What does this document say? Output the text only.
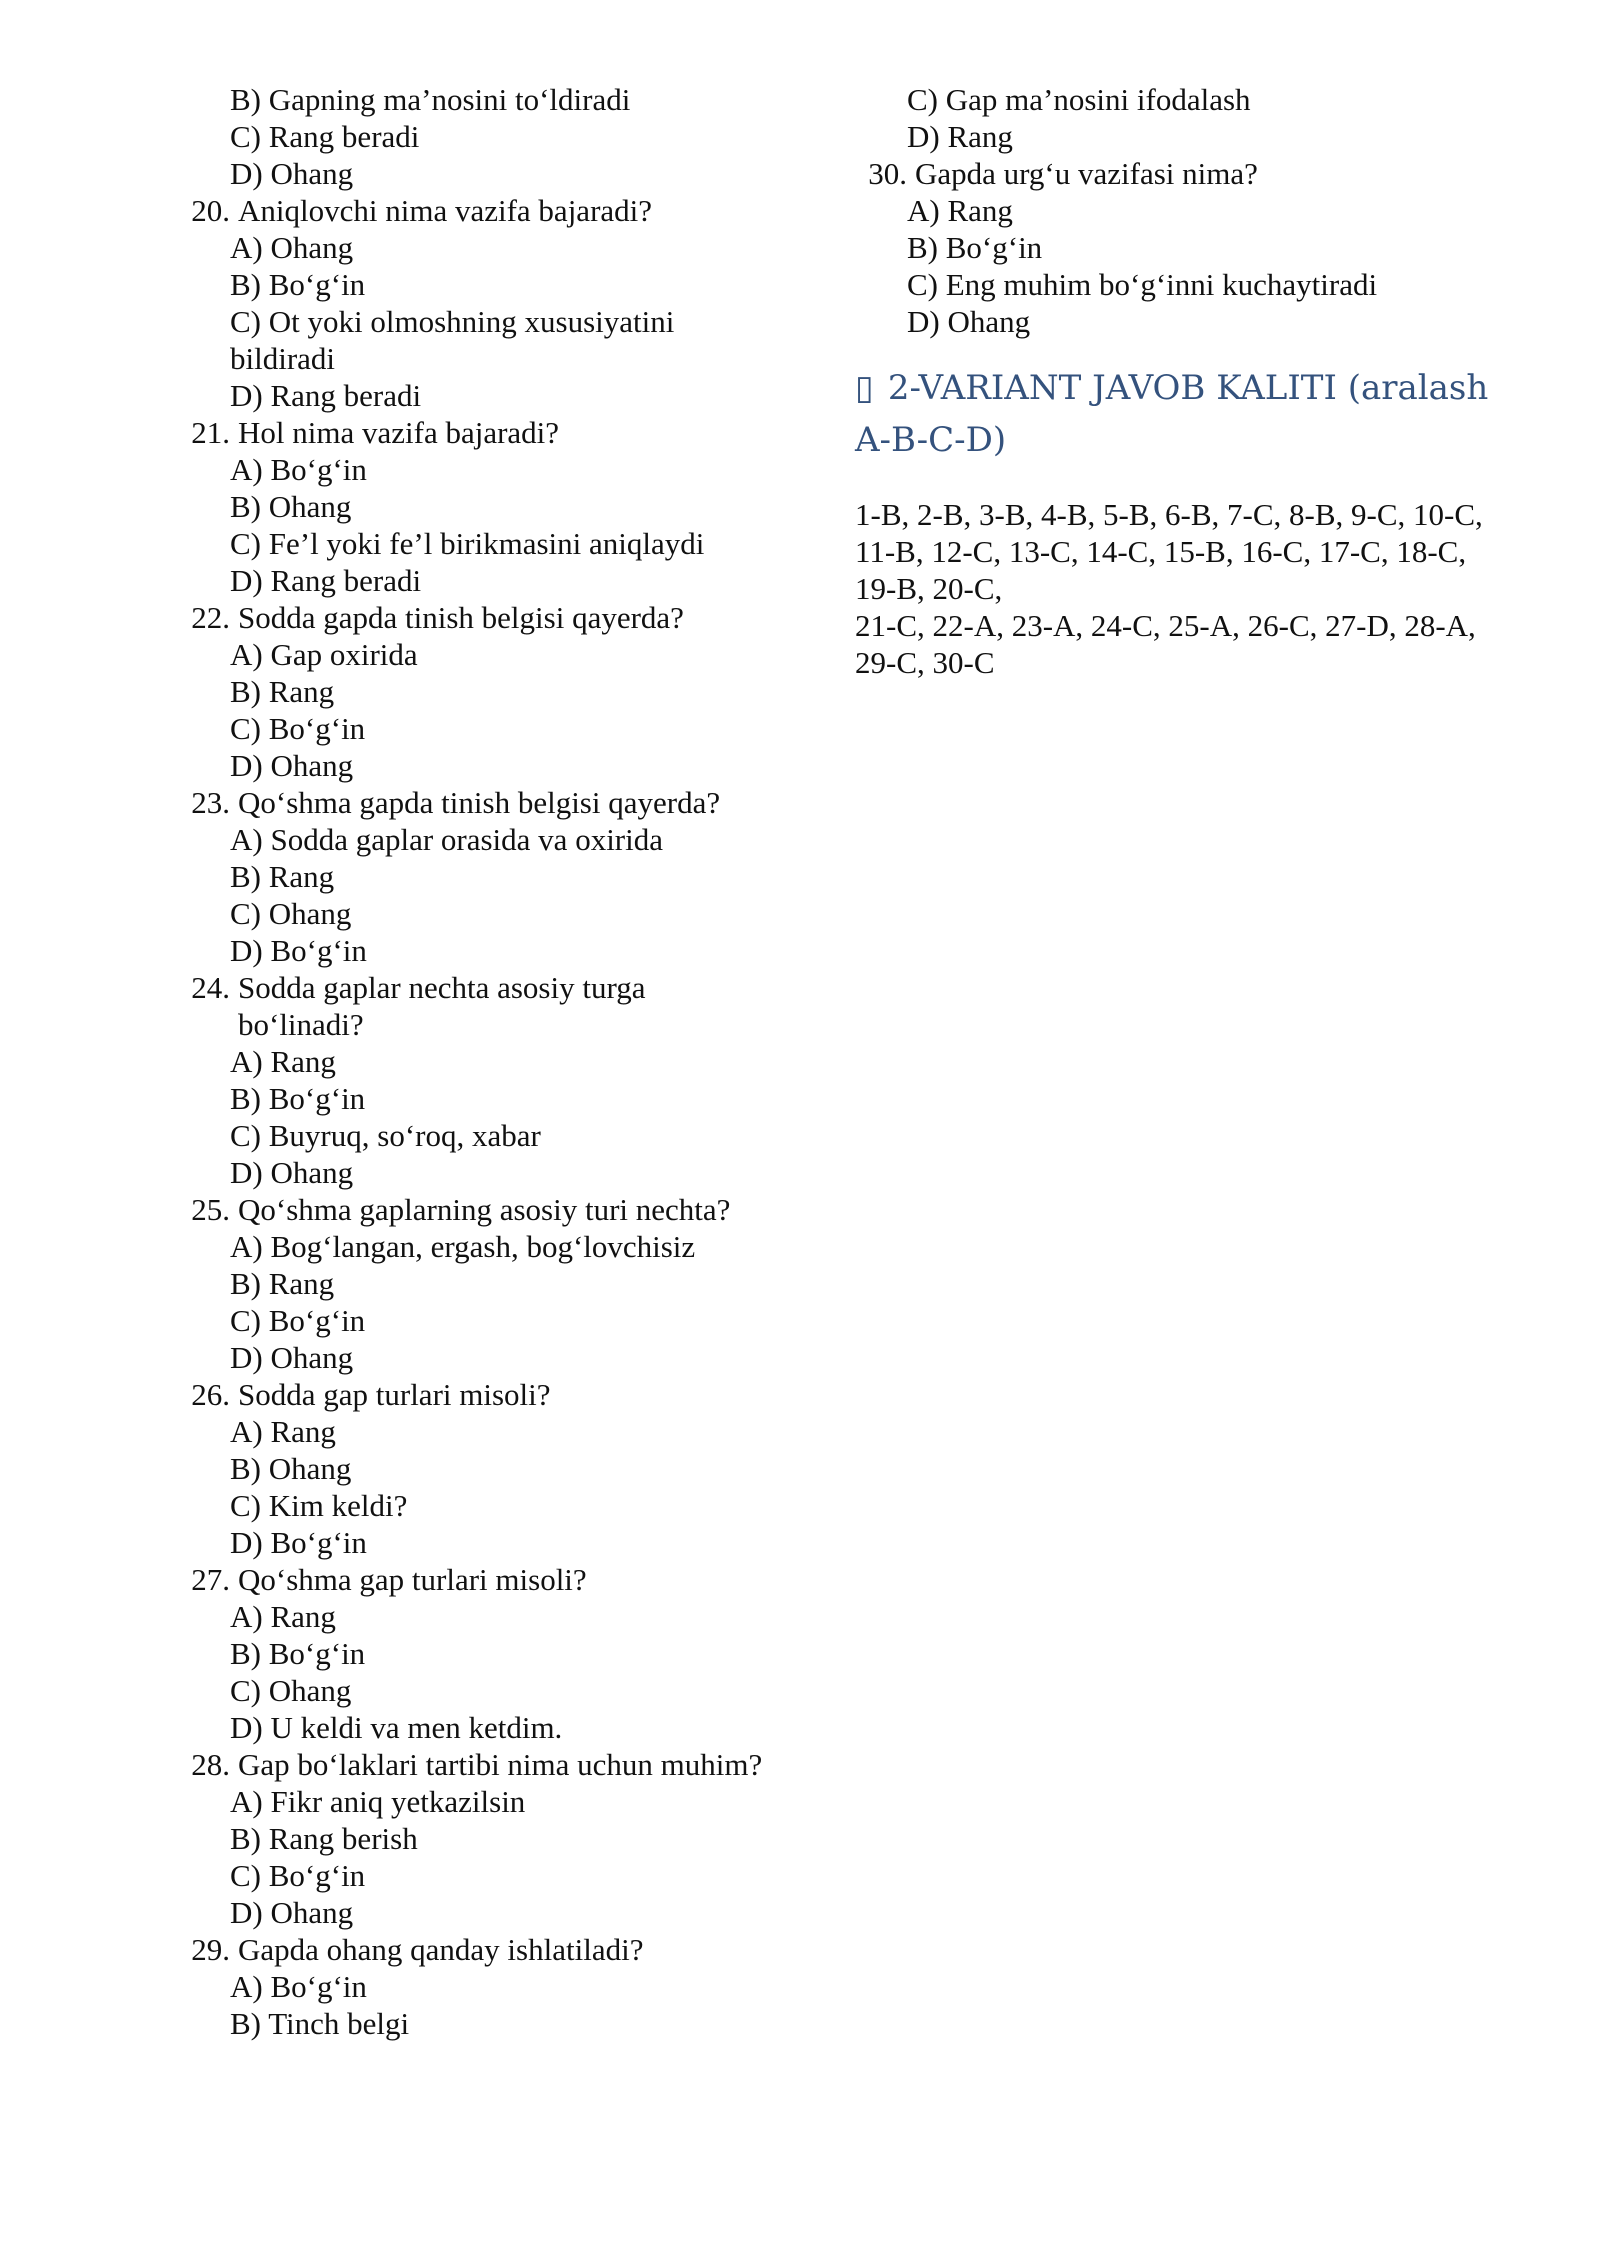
B) Gapning ma’nosini to‘ldiradi
C) Rang beradi
D) Ohang
20. Aniqlovchi nima vazifa bajaradi?
A) Ohang
B) Bo‘g‘in
C) Ot yoki olmoshning xususiyatini bildiradi
D) Rang beradi
21. Hol nima vazifa bajaradi?
A) Bo‘g‘in
B) Ohang
C) Fe’l yoki fe’l birikmasini aniqlaydi
D) Rang beradi
22. Sodda gapda tinish belgisi qayerda?
A) Gap oxirida
B) Rang
C) Bo‘g‘in
D) Ohang
23. Qo‘shma gapda tinish belgisi qayerda?
A) Sodda gaplar orasida va oxirida
B) Rang
C) Ohang
D) Bo‘g‘in
24. Sodda gaplar nechta asosiy turga bo‘linadi?
A) Rang
B) Bo‘g‘in
C) Buyruq, so‘roq, xabar
D) Ohang
25. Qo‘shma gaplarning asosiy turi nechta?
A) Bog‘langan, ergash, bog‘lovchisiz
B) Rang
C) Bo‘g‘in
D) Ohang
26. Sodda gap turlari misoli?
A) Rang
B) Ohang
C) Kim keldi?
D) Bo‘g‘in
27. Qo‘shma gap turlari misoli?
A) Rang
B) Bo‘g‘in
C) Ohang
D) U keldi va men ketdim.
28. Gap bo‘laklari tartibi nima uchun muhim?
A) Fikr aniq yetkazilsin
B) Rang berish
C) Bo‘g‘in
D) Ohang
29. Gapda ohang qanday ishlatiladi?
A) Bo‘g‘in
B) Tinch belgi
C) Gap ma’nosini ifodalash
D) Rang
30. Gapda urg‘u vazifasi nima?
A) Rang
B) Bo‘g‘in
C) Eng muhim bo‘g‘inni kuchaytiradi
D) Ohang
▯ 2-VARIANT JAVOB KALITI (aralash A-B-C-D)
1-B, 2-B, 3-B, 4-B, 5-B, 6-B, 7-C, 8-B, 9-C, 10-C,
11-B, 12-C, 13-C, 14-C, 15-B, 16-C, 17-C, 18-C, 19-B, 20-C,
21-C, 22-A, 23-A, 24-C, 25-A, 26-C, 27-D, 28-A, 29-C, 30-C
